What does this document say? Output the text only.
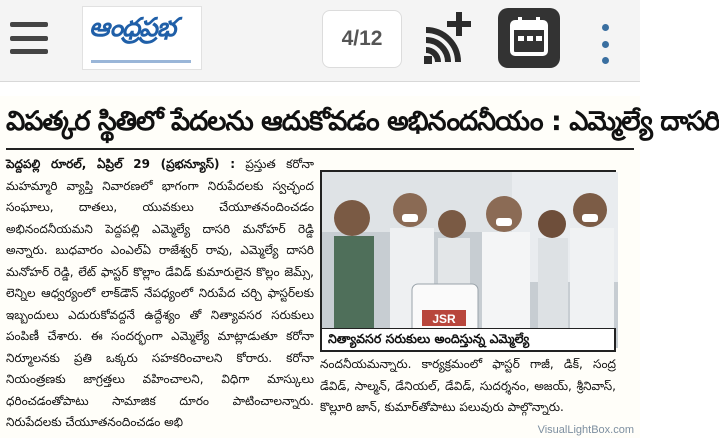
ఆంధ్రప్రభ	4/12
విపత్కర స్థితిలో పేదలను ఆదుకోవడం అభినందనీయం : ఎమ్మెల్యే దాసరి
పెద్దపల్లి రూరల్, ఏప్రిల్ 29 (ప్రభన్యూస్) : ప్రస్తుత కరోనా మహమ్మారి వ్యాప్తి నివారణలో భాగంగా నిరుపేదలకు స్వచ్ఛంద సంఘాలు, దాతలు, యువకులు చేయూతనందించడం అభినందనీయమని పెద్దపల్లి ఎమ్మెల్యే దాసరి మనోహర్ రెడ్డి అన్నారు. బుధవారం ఎంఎల్ఏ రాజేశ్వర్ రావు, ఎమ్మెల్యే దాసరి మనోహర్ రెడ్డి, లేట్ ఫాస్టర్ కొల్లాం డేవిడ్ కుమారులైన కొల్లం జెమ్స్, లెన్నిల ఆధ్వర్యంలో లాక్‌డౌన్ నేపధ్యంలో నిరుపేద చర్చి ఫాస్టర్‌లకు ఇబ్బందులు ఎదురుకోవద్దనే ఉద్దేశ్యం తో నిత్యావసర సరుకులు పంపిణీ చేశారు. ఈ సందర్భంగా ఎమ్మెల్యే మాట్లాడుతూ కరోనా నిర్మూలనకు ప్రతి ఒక్కరు సహకరించాలని కోరారు. కరోనా నియంత్రణకు జాగ్రత్తలు వహించాలని, విధిగా మాస్కులు ధరించడంతోపాటు సామాజిక దూరం పాటించాలన్నారు. నిరుపేదలకు చేయూతనందించడం అభి
JSR
నిత్యావసర సరుకులు అందిస్తున్న ఎమ్మెల్యే
నందనీయమన్నారు. కార్యక్రమంలో ఫాస్టర్ గాజీ, డిక్, సంద్ర డేవిడ్, సాల్మన్, డేనియల్, డేవిడ్, సుదర్శనం, అజయ్, శ్రీనివాస్, కొల్లూరి జాన్, కుమార్‌తోపాటు పలువురు పాల్గొన్నారు.
VisualLightBox.com
